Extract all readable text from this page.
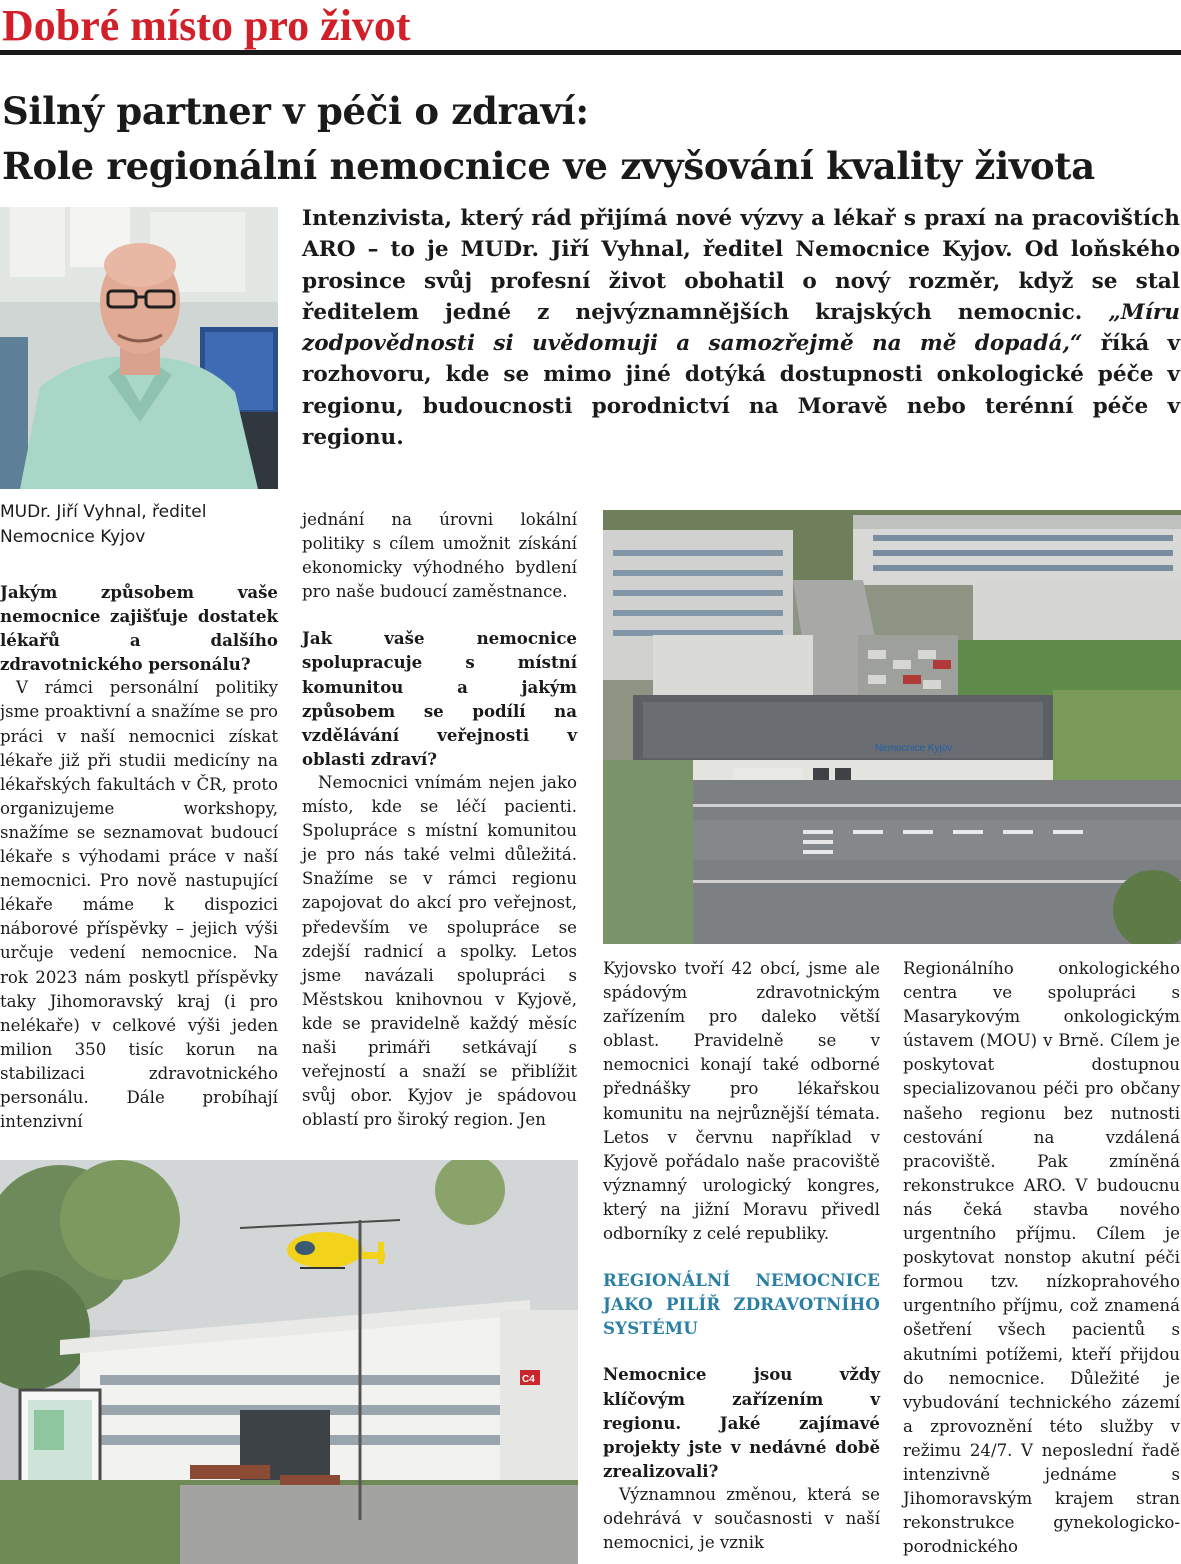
Dobré místo pro život
Silný partner v péči o zdraví:
Role regionální nemocnice ve zvyšování kvality života
MUDr. Jiří Vyhnal, ředitel
Nemocnice Kyjov
Intenzivista, který rád přijímá nové výzvy a lékař s praxí na pracovištích ARO – to je MUDr. Jiří Vyhnal, ředitel Nemocnice Kyjov. Od loňského prosince svůj profesní život obohatil o nový rozměr, když se stal ředitelem jedné z nejvýznamnějších krajských nemocnic. „Míru zodpovědnosti si uvědomuji a samozřejmě na mě dopadá,“ říká v rozhovoru, kde se mimo jiné dotýká dostupnosti onkologické péče v regionu, budoucnosti porodnictví na Moravě nebo terénní péče v regionu.

Jakým způsobem vaše nemocnice zajišťuje dostatek lékařů a dalšího zdravotnického personálu?

V rámci personální politiky jsme proaktivní a snažíme se pro práci v naší nemocnici získat lékaře již při studii medicíny na lékařských fakultách v ČR, proto organizujeme workshopy, snažíme se seznamovat budoucí lékaře s výhodami práce v naší nemocnici. Pro nově nastupující lékaře máme k dispozici náborové příspěvky – jejich výši určuje vedení nemocnice. Na rok 2023 nám poskytl příspěvky taky Jihomoravský kraj (i pro nelékaře) v celkové výši jeden milion 350 tisíc korun na stabilizaci zdravotnického personálu. Dále probíhají intenzivní

jednání na úrovni lokální politiky s cílem umožnit získání ekonomicky výhodného bydlení pro naše budoucí zaměstnance.

Jak vaše nemocnice spolupracuje s místní komunitou a jakým způsobem se podílí na vzdělávání veřejnosti v oblasti zdraví?

Nemocnici vnímám nejen jako místo, kde se léčí pacienti. Spolupráce s místní komunitou je pro nás také velmi důležitá. Snažíme se v rámci regionu zapojovat do akcí pro veřejnost, především ve spolupráce se zdejší radnicí a spolky. Letos jsme navázali spolupráci s Městskou knihovnou v Kyjově, kde se pravidelně každý měsíc naši primáři setkávají s veřejností a snaží se přiblížit svůj obor. Kyjov je spádovou oblastí pro široký region. Jen

Nemocnice Kyjov

Kyjovsko tvoří 42 obcí, jsme ale spádovým zdravotnickým zařízením pro daleko větší oblast. Pravidelně se v nemocnici konají také odborné přednášky pro lékařskou komunitu na nejrůznější témata. Letos v červnu například v Kyjově pořádalo naše pracoviště významný urologický kongres, který na jižní Moravu přivedl odborníky z celé republiky.

REGIONÁLNÍ NEMOCNICE JAKO PILÍŘ ZDRAVOTNÍHO SYSTÉMU

Nemocnice jsou vždy klíčovým zařízením v regionu. Jaké zajímavé projekty jste v nedávné době zrealizovali?

Významnou změnou, která se odehrává v současnosti v naší nemocnici, je vznik

Regionálního onkologického centra ve spolupráci s Masarykovým onkologickým ústavem (MOU) v Brně. Cílem je poskytovat dostupnou specializovanou péči pro občany našeho regionu bez nutnosti cestování na vzdálená pracoviště. Pak zmíněná rekonstrukce ARO. V budoucnu nás čeká stavba nového urgentního příjmu. Cílem je poskytovat nonstop akutní péči formou tzv. nízkoprahového urgentního příjmu, což znamená ošetření všech pacientů s akutními potížemi, kteří přijdou do nemocnice. Důležité je vybudování technického zázemí a zprovoznění této služby v režimu 24/7. V neposlední řadě intenzivně jednáme s Jihomoravským krajem stran rekonstrukce gynekologicko-porodnického

C4
